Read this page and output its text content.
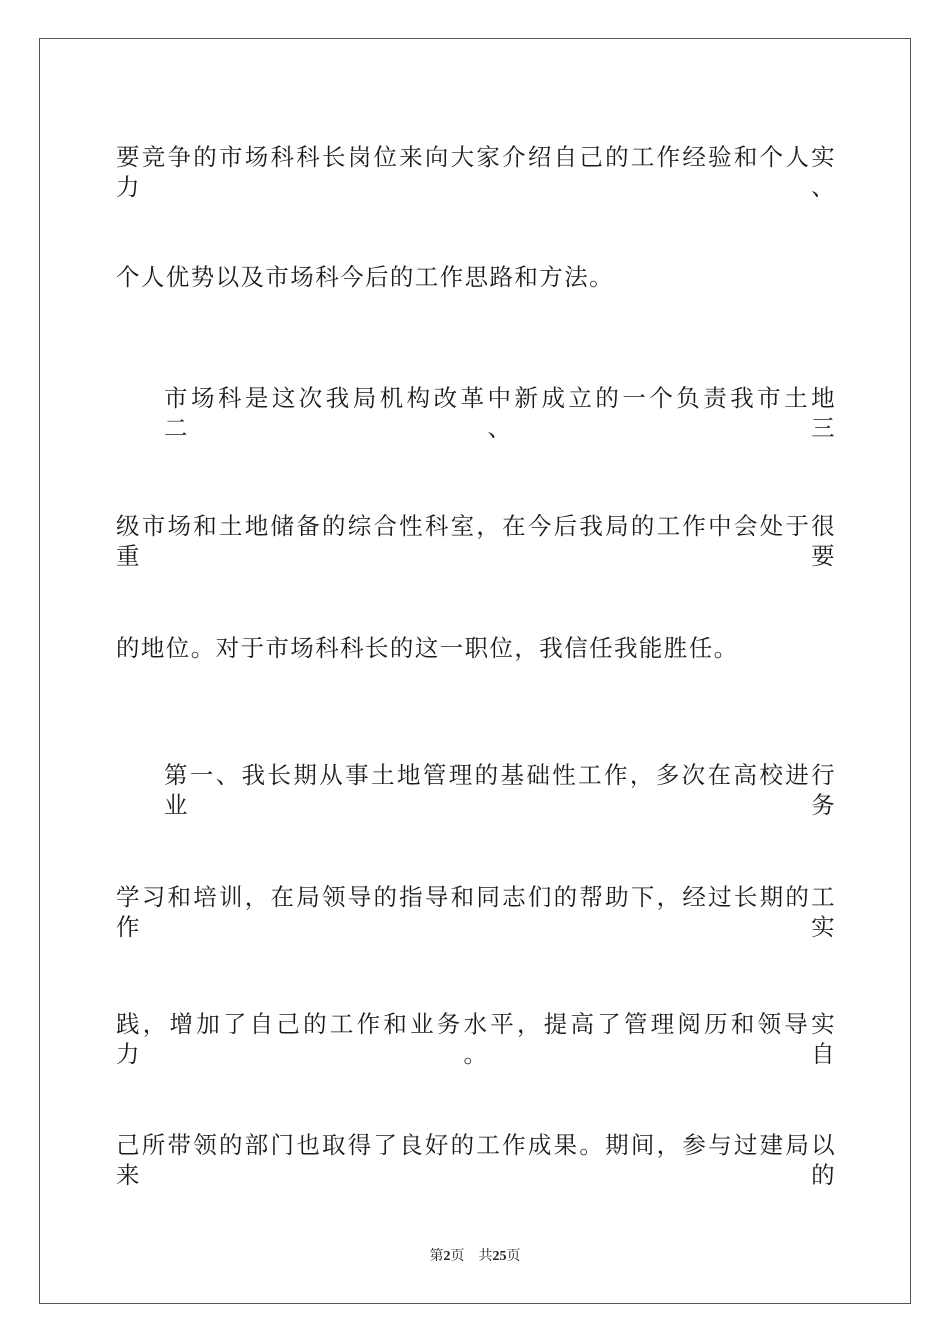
要竞争的市场科科长岗位来向大家介绍自己的工作经验和个人实力、
个人优势以及市场科今后的工作思路和方法。
市场科是这次我局机构改革中新成立的一个负责我市土地二、三
级市场和土地储备的综合性科室，在今后我局的工作中会处于很重要
的地位。对于市场科科长的这一职位，我信任我能胜任。
第一、我长期从事土地管理的基础性工作，多次在高校进行业务
学习和培训，在局领导的指导和同志们的帮助下，经过长期的工作实
践，增加了自己的工作和业务水平，提高了管理阅历和领导实力。自
己所带领的部门也取得了良好的工作成果。期间，参与过建局以来的
第2页 共25页
